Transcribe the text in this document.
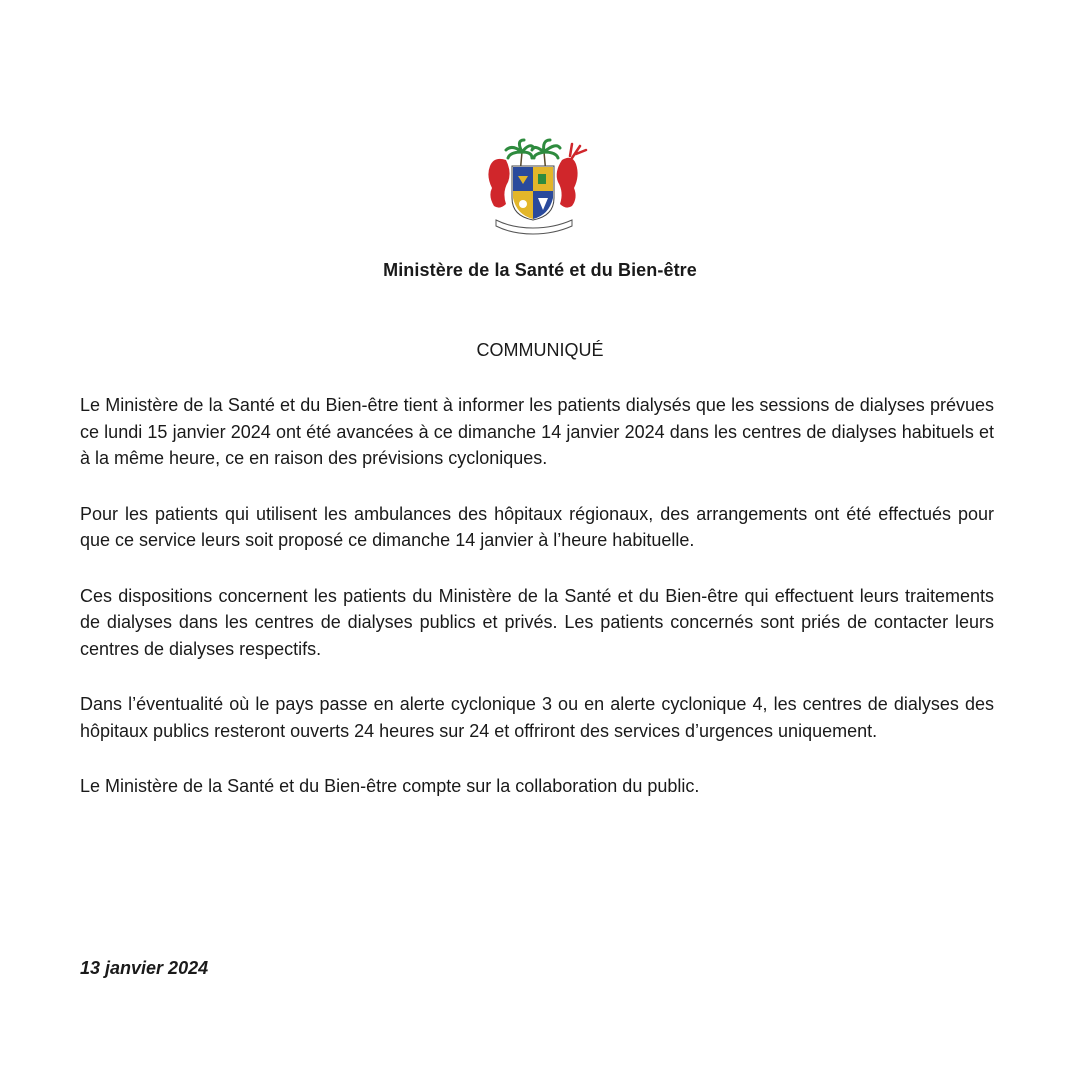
Ministère de la Santé et du Bien-être
COMMUNIQUÉ

Le Ministère de la Santé et du Bien-être tient à informer les patients dialysés que les sessions de dialyses prévues ce lundi 15 janvier 2024 ont été avancées à ce dimanche 14 janvier 2024 dans les centres de dialyses habituels et à la même heure, ce en raison des prévisions cycloniques.

Pour les patients qui utilisent les ambulances des hôpitaux régionaux, des arrangements ont été effectués pour que ce service leurs soit proposé ce dimanche 14 janvier à l’heure habituelle.

Ces dispositions concernent les patients du Ministère de la Santé et du Bien-être qui effectuent leurs traitements de dialyses dans les centres de dialyses publics et privés. Les patients concernés sont priés de contacter leurs centres de dialyses respectifs.

Dans l’éventualité où le pays passe en alerte cyclonique 3 ou en alerte cyclonique 4, les centres de dialyses des hôpitaux publics resteront ouverts 24 heures sur 24 et offriront des services d’urgences uniquement.

Le Ministère de la Santé et du Bien-être compte sur la collaboration du public.

13 janvier 2024
